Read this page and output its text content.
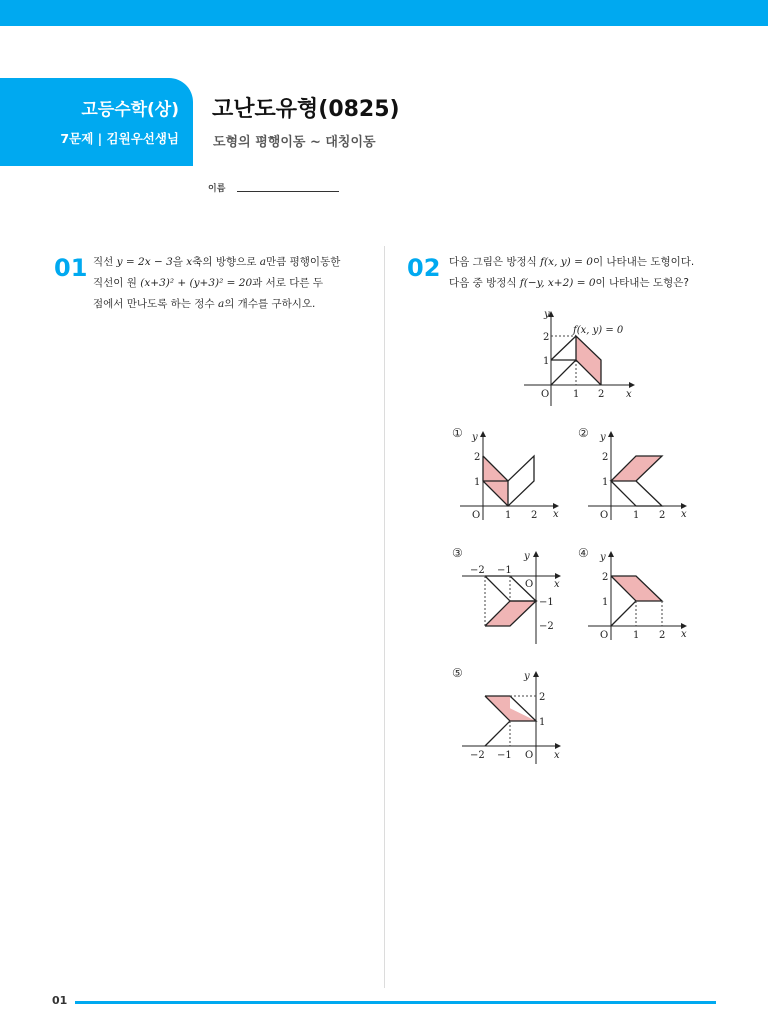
고등수학(상)
7문제 | 김원우선생님
고난도유형(0825)
도형의 평행이동 ~ 대칭이동
이름
01 직선 y = 2x − 3을 x축의 방향으로 a만큼 평행이동한
직선이 원 (x+3)² + (y+3)² = 20과 서로 다른 두
점에서 만나도록 하는 정수 a의 개수를 구하시오.
02 다음 그림은 방정식 f(x, y) = 0이 나타내는 도형이다.
다음 중 방정식 f(−y, x+2) = 0이 나타내는 도형은?
y
x
O
1
2
1 2
f(x, y) = 0
① y
x
O
1
2
1 2
② y
x
O
1
2
1 2
③	y
x
O
−2 −1
−1
−2
④ y
x
O
1
2
1 2
⑤	y
x
O
−2 −1
2
1
01
